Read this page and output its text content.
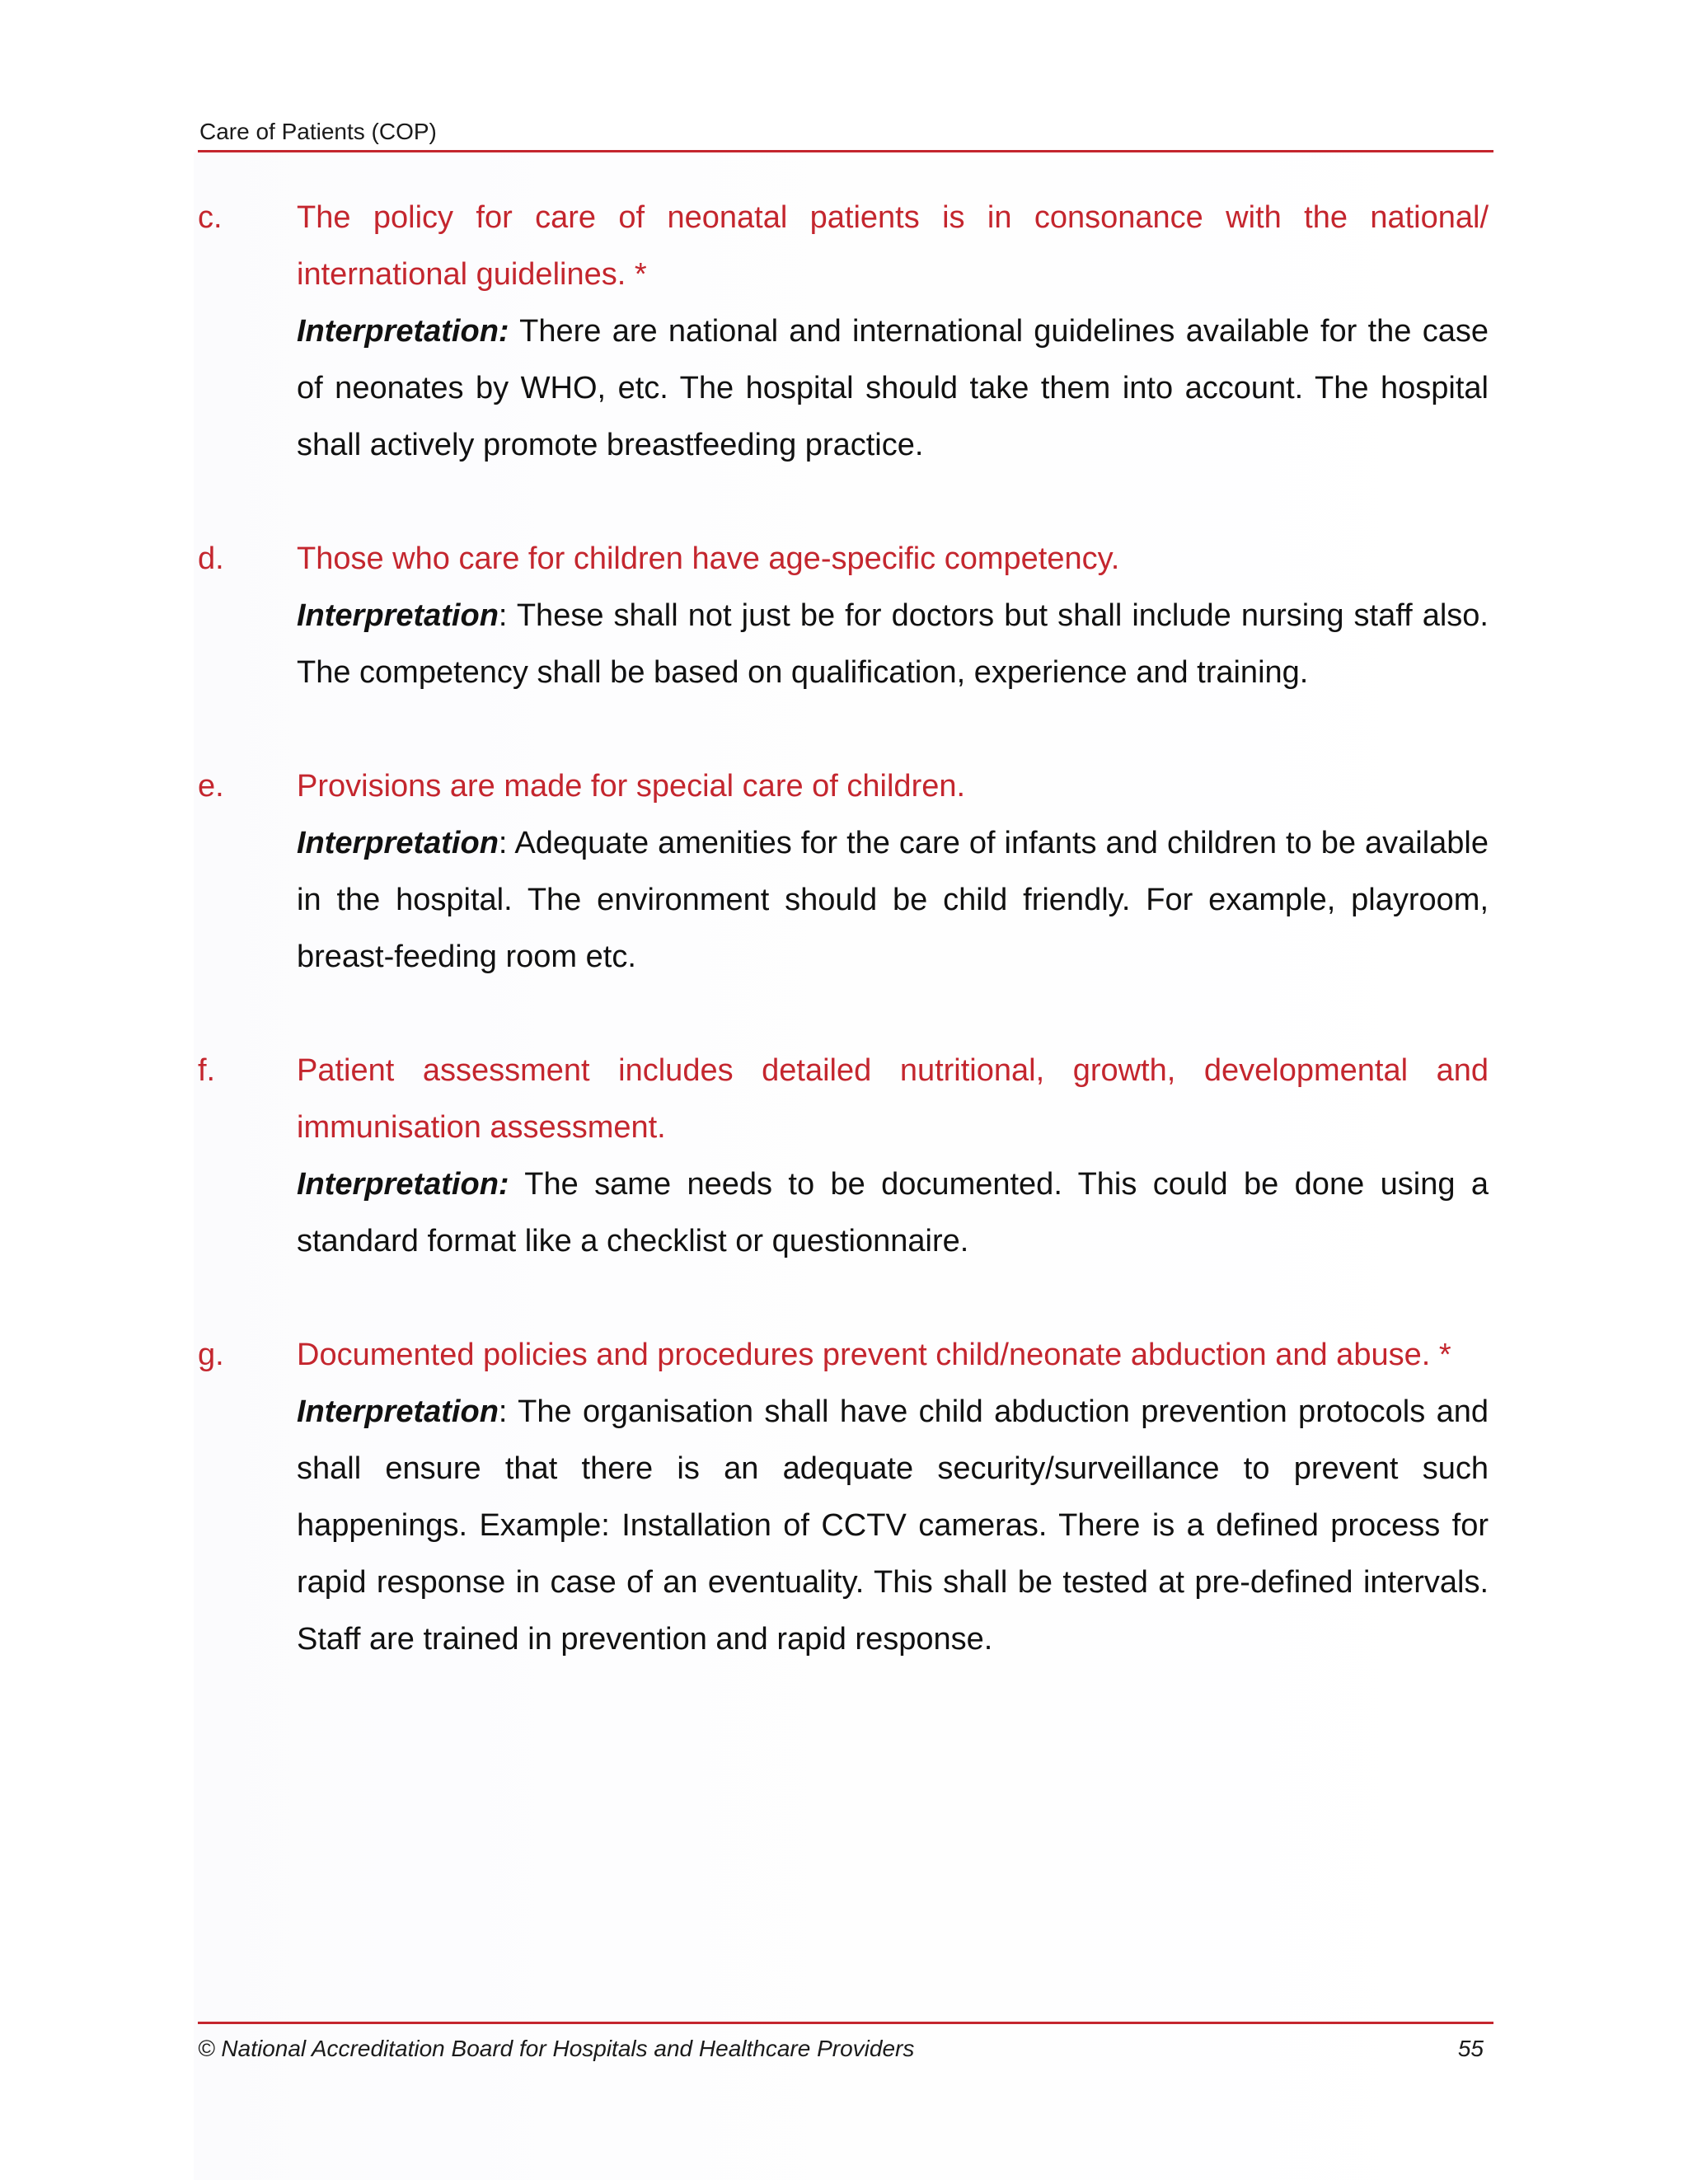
Care of Patients (COP)
c. The policy for care of neonatal patients is in consonance with the national/ international guidelines. *

Interpretation: There are national and international guidelines available for the case of neonates by WHO, etc. The hospital should take them into account. The hospital shall actively promote breastfeeding practice.

d. Those who care for children have age-specific competency.

Interpretation: These shall not just be for doctors but shall include nursing staff also. The competency shall be based on qualification, experience and training.

e. Provisions are made for special care of children.

Interpretation: Adequate amenities for the care of infants and children to be available in the hospital. The environment should be child friendly. For example, playroom, breast-feeding room etc.

f.	Patient assessment includes detailed nutritional, growth, developmental and immunisation assessment.

Interpretation: The same needs to be documented. This could be done using a standard format like a checklist or questionnaire.

g. Documented policies and procedures prevent child/neonate abduction and abuse. *

Interpretation: The organisation shall have child abduction prevention protocols and shall ensure that there is an adequate security/surveillance to prevent such happenings. Example: Installation of CCTV cameras. There is a defined process for rapid response in case of an eventuality. This shall be tested at pre-defined intervals. Staff are trained in prevention and rapid response.

© National Accreditation Board for Hospitals and Healthcare Providers	55
